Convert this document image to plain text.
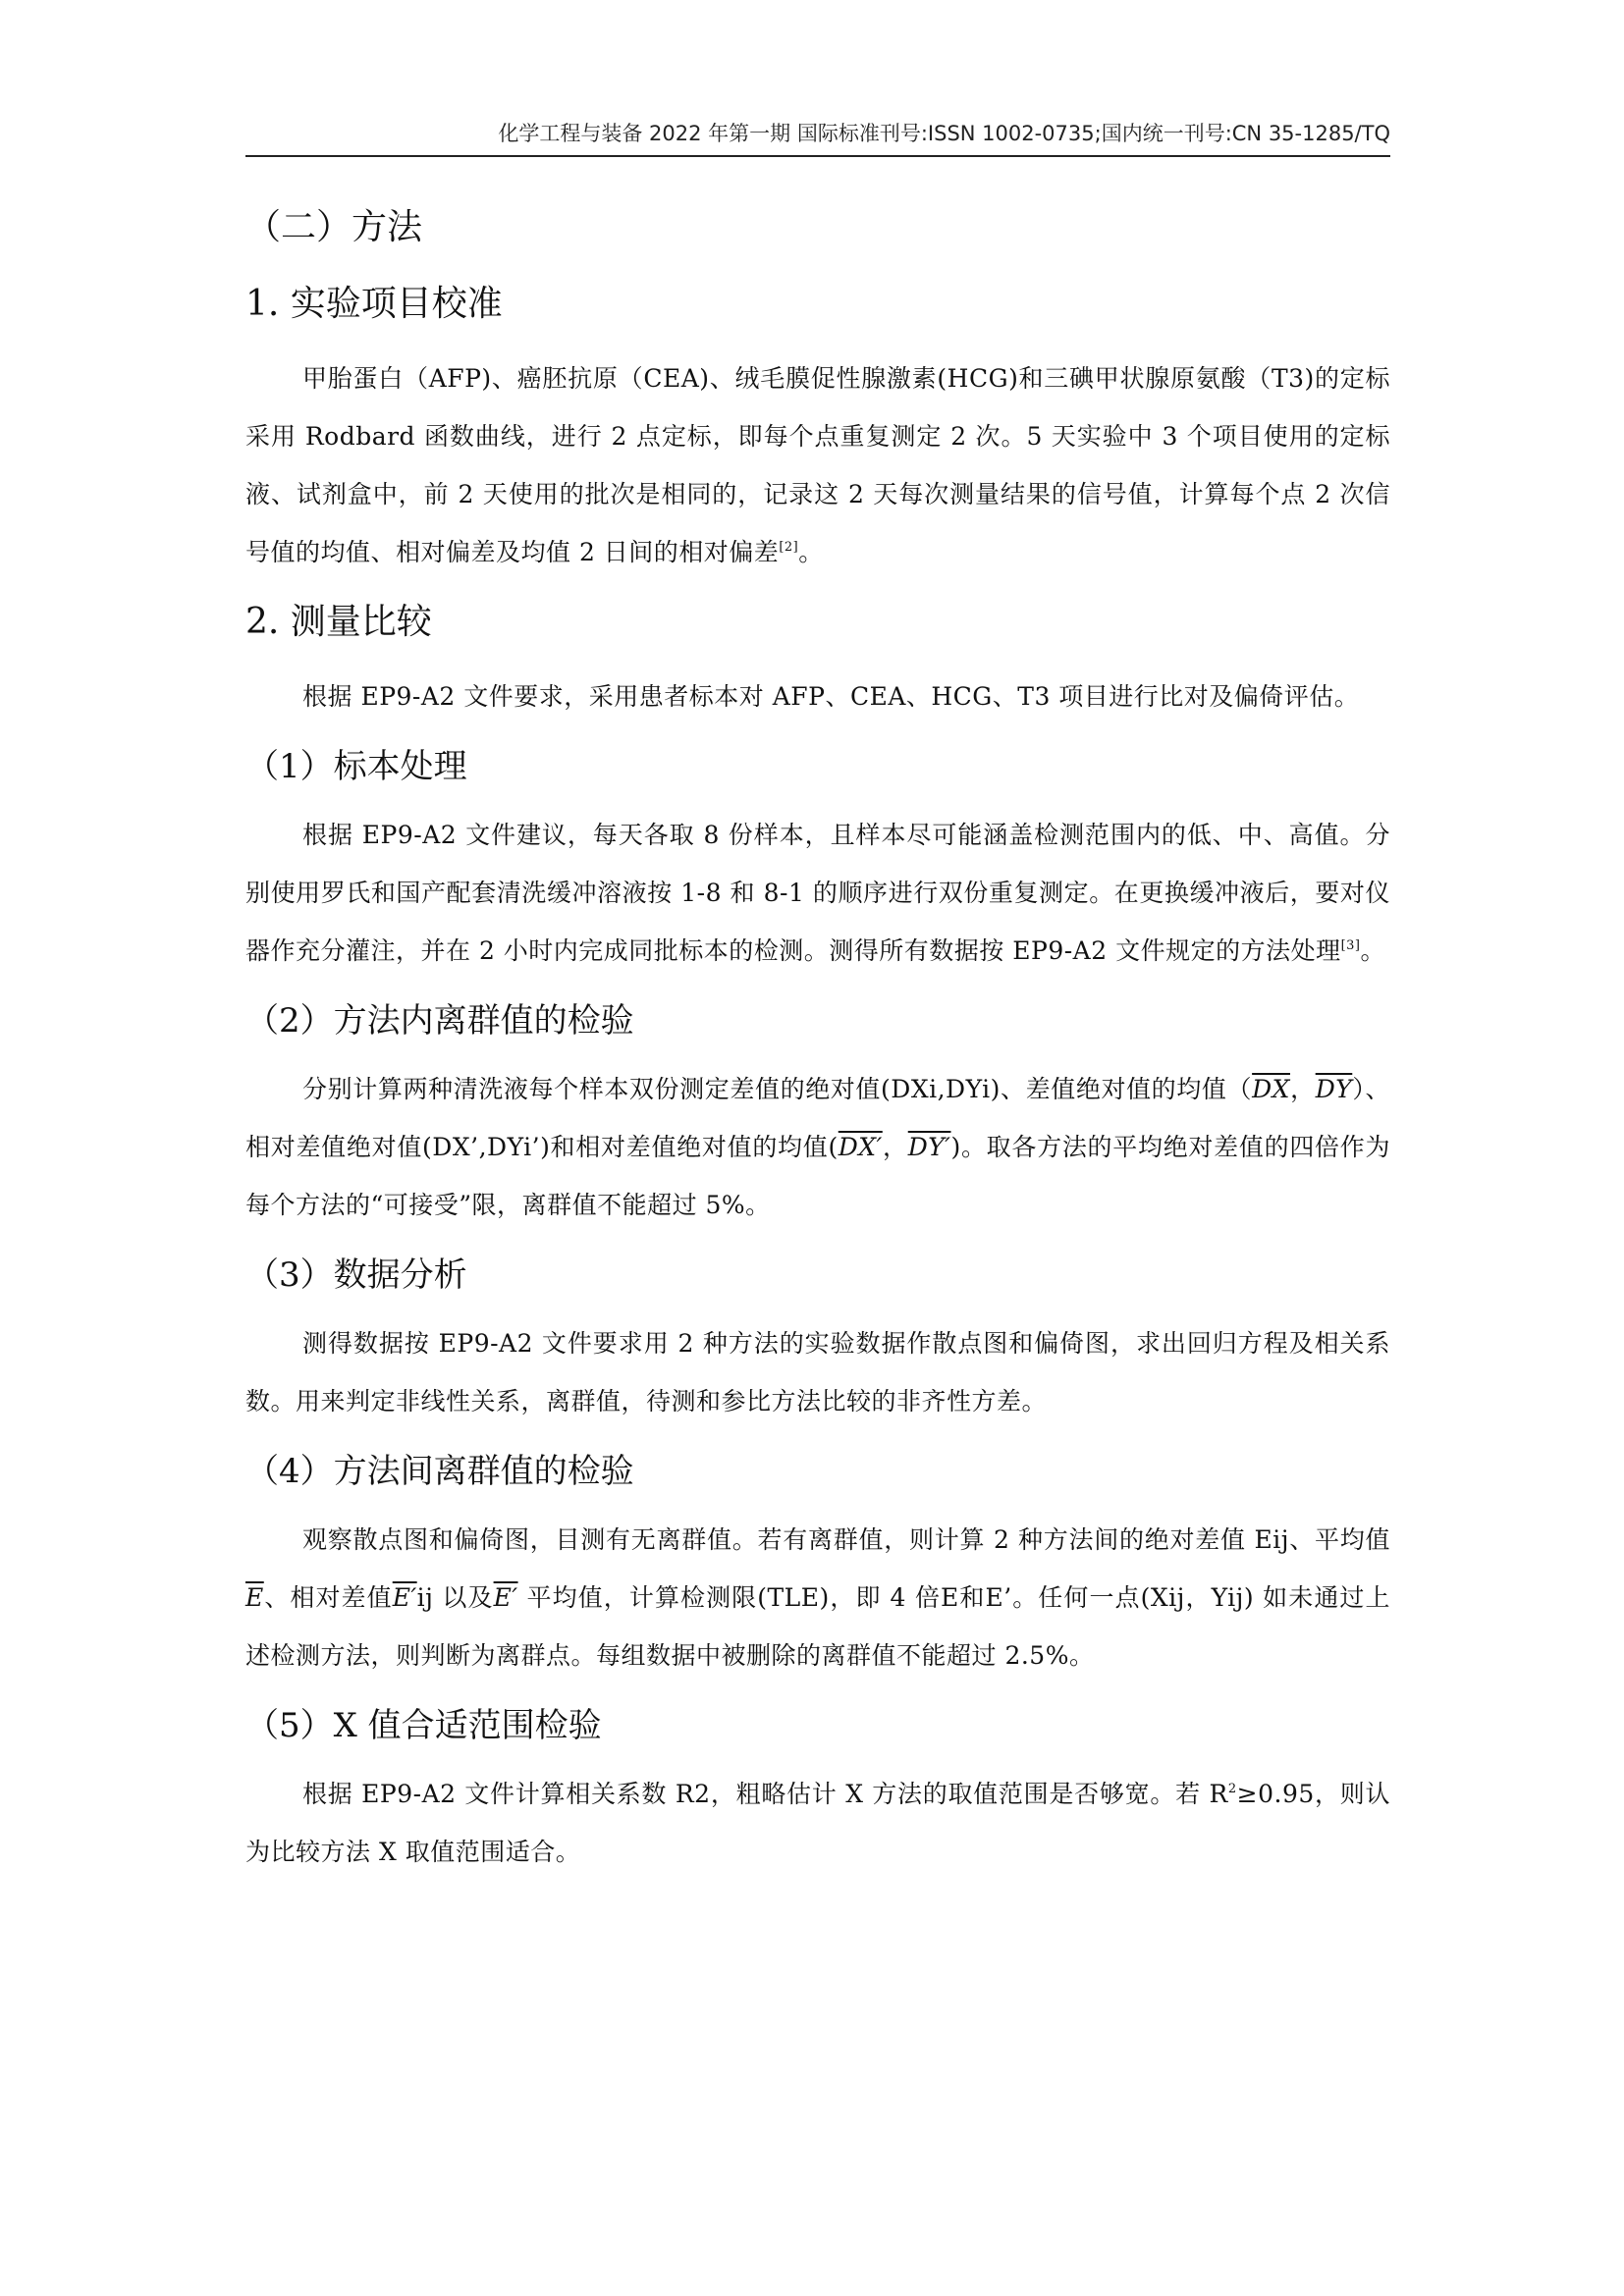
化学工程与装备 2022 年第一期 国际标准刊号:ISSN 1002-0735;国内统一刊号:CN 35-1285/TQ
（二）方法
1. 实验项目校准

甲胎蛋白（AFP)、癌胚抗原（CEA)、绒毛膜促性腺激素(HCG)和三碘甲状腺原氨酸（T3)的定标采用 Rodbard 函数曲线，进行 2 点定标，即每个点重复测定 2 次。5 天实验中 3 个项目使用的定标液、试剂盒中，前 2 天使用的批次是相同的，记录这 2 天每次测量结果的信号值，计算每个点 2 次信号值的均值、相对偏差及均值 2 日间的相对偏差[2]。

2. 测量比较

根据 EP9-A2 文件要求，采用患者标本对 AFP、CEA、HCG、T3 项目进行比对及偏倚评估。

（1）标本处理

根据 EP9-A2 文件建议，每天各取 8 份样本，且样本尽可能涵盖检测范围内的低、中、高值。分别使用罗氏和国产配套清洗缓冲溶液按 1-8 和 8-1 的顺序进行双份重复测定。在更换缓冲液后，要对仪器作充分灌注，并在 2 小时内完成同批标本的检测。测得所有数据按 EP9-A2 文件规定的方法处理[3]。

（2）方法内离群值的检验

分别计算两种清洗液每个样本双份测定差值的绝对值(DXi,DYi)、差值绝对值的均值（$\overline{DX}$，$\overline{DY}$）、相对差值绝对值(DX’,DYi’)和相对差值绝对值的均值(DX′，DY′)。取各方法的平均绝对差值的四倍作为每个方法的“可接受”限，离群值不能超过 5%。

（3）数据分析

测得数据按 EP9-A2 文件要求用 2 种方法的实验数据作散点图和偏倚图，求出回归方程及相关系数。用来判定非线性关系，离群值，待测和参比方法比较的非齐性方差。

（4）方法间离群值的检验

观察散点图和偏倚图，目测有无离群值。若有离群值，则计算 2 种方法间的绝对差值 Eij、平均值$\overline{E}$、相对差值E′ij 以及E′ 平均值，计算检测限(TLE)，即 4 倍E和E’。任何一点(Xij，Yij) 如未通过上述检测方法，则判断为离群点。每组数据中被删除的离群值不能超过 2.5%。

（5）X 值合适范围检验

根据 EP9-A2 文件计算相关系数 R2，粗略估计 X 方法的取值范围是否够宽。若 $R^2\ge 0.95$，则认为比较方法 X 取值范围适合。
